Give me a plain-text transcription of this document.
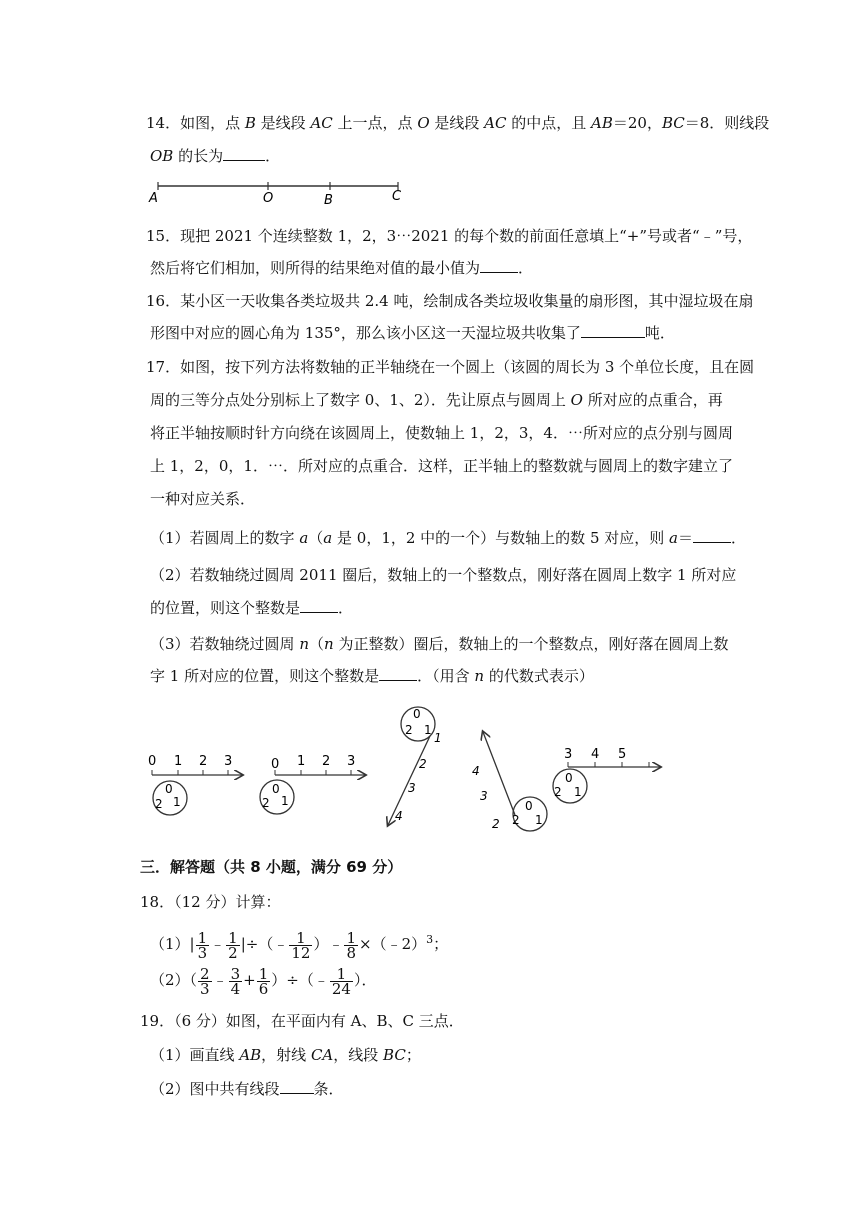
14．如图，点 B 是线段 AC 上一点，点 O 是线段 AC 的中点，且 AB＝20，BC＝8．则线段
OB 的长为	．
A	O	B	C
15．现把 2021 个连续整数 1，2，3⋯2021 的每个数的前面任意填上“+”号或者“﹣”号，
然后将它们相加，则所得的结果绝对值的最小值为	．
16．某小区一天收集各类垃圾共 2.4 吨，绘制成各类垃圾收集量的扇形图，其中湿垃圾在扇
形图中对应的圆心角为 135°，那么该小区这一天湿垃圾共收集了	吨．
17．如图，按下列方法将数轴的正半轴绕在一个圆上（该圆的周长为 3 个单位长度，且在圆
周的三等分点处分别标上了数字 0、1、2）．先让原点与圆周上 O 所对应的点重合，再
将正半轴按顺时针方向绕在该圆周上，使数轴上 1，2，3，4．⋯所对应的点分别与圆周
上 1，2，0，1．⋯．所对应的点重合．这样，正半轴上的整数就与圆周上的数字建立了
一种对应关系．
（1）若圆周上的数字 a（a 是 0，1，2 中的一个）与数轴上的数 5 对应，则 a＝	．
（2）若数轴绕过圆周 2011 圈后，数轴上的一个整数点，刚好落在圆周上数字 1 所对应
的位置，则这个整数是	．
（3）若数轴绕过圆周 n（n 为正整数）圈后，数轴上的一个整数点，刚好落在圆周上数
字 1 所对应的位置，则这个整数是	．（用含 n 的代数式表示）
0 1 2 3
0
1
2
0 1 2 3
0
1
2
0
2 1
1
2
3
4
4
3
2
0
2 1
3 4 5
0
2 1
三．解答题（共 8 小题，满分 69 分）
18．（12 分）计算：
$(1)| \frac{1}{3}$ ﹣ $\frac{1}{2}$ |÷（﹣ $\frac{1}{12}$ ）﹣ $\frac{1}{8}$ ×（﹣2）$^3$；
$(2)( \frac{2}{3}$ ﹣ $\frac{3}{4} + \frac{1}{6}$ ）÷（﹣ $\frac{1}{24}$ ）．
19．（6 分）如图，在平面内有 A、B、C 三点．
（1）画直线 AB，射线 CA，线段 BC；
（2）图中共有线段 条．
